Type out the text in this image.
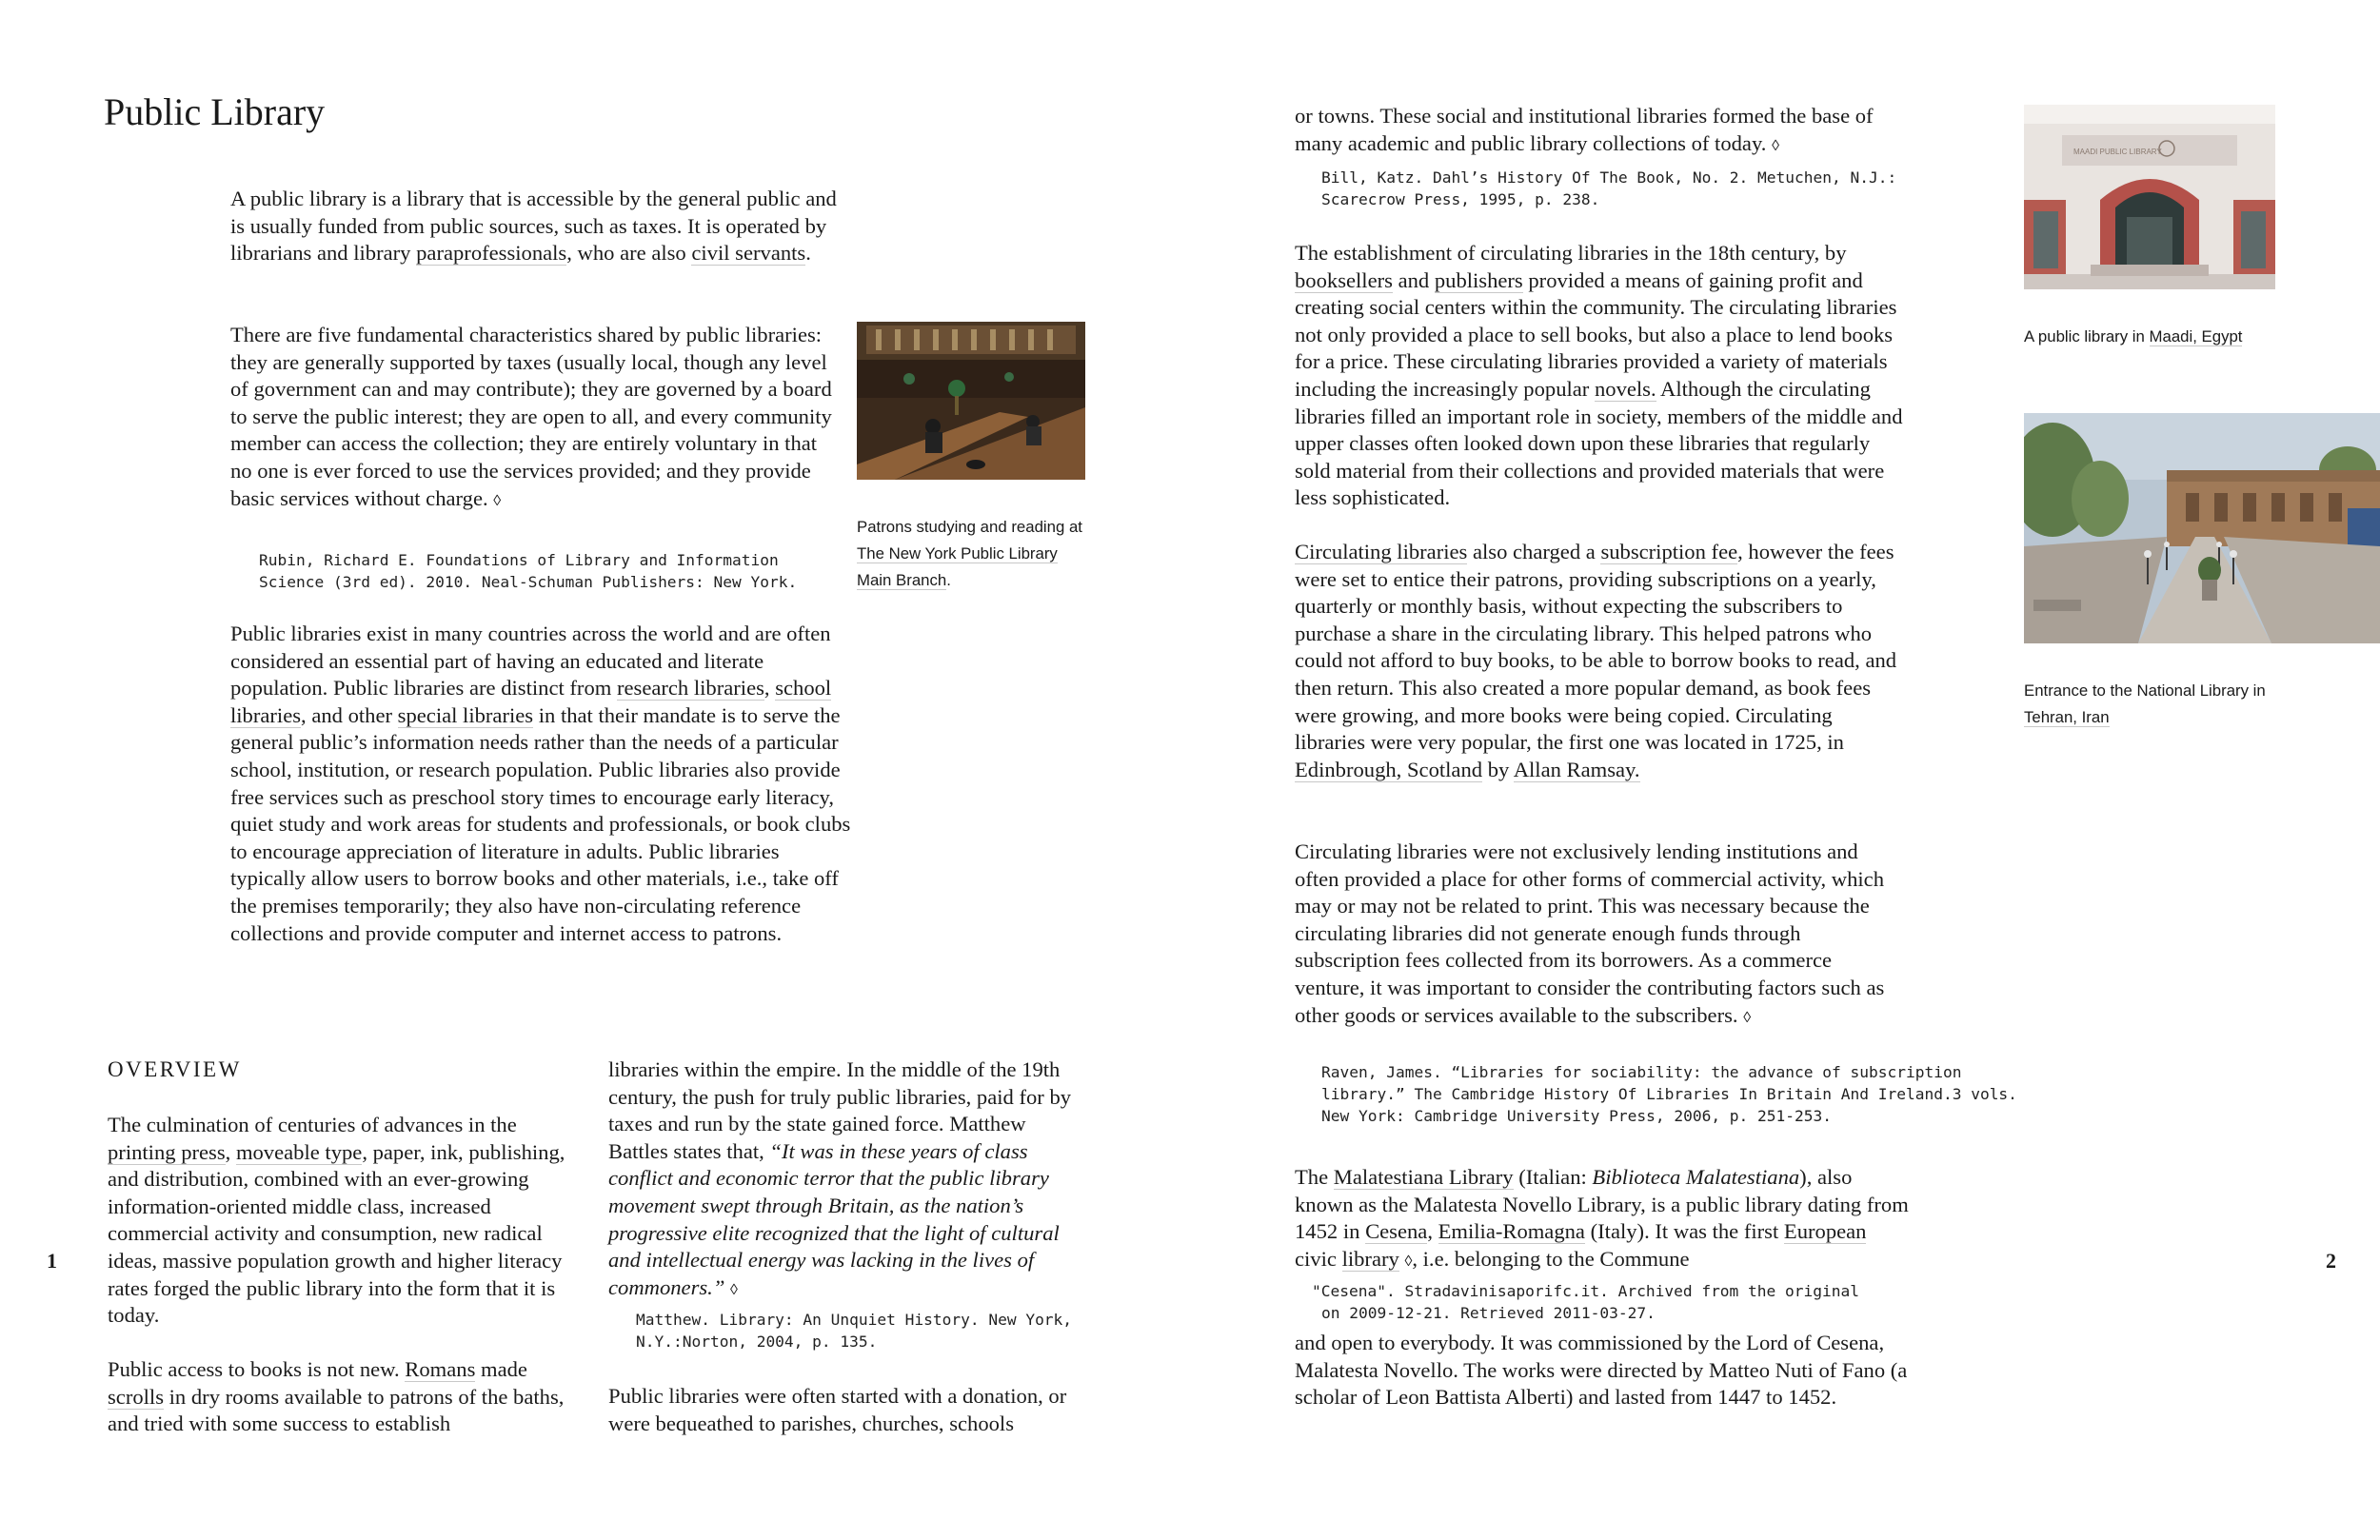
Public Library

A public library is a library that is accessible by the general public and is usually funded from public sources, such as taxes. It is operated by librarians and library paraprofessionals, who are also civil servants.

There are five fundamental characteristics shared by public libraries: they are generally supported by taxes (usually local, though any level of government can and may contribute); they are governed by a board to serve the public interest; they are open to all, and every community member can access the collection; they are entirely voluntary in that no one is ever forced to use the services provided; and they provide basic services without charge. ◊

Rubin, Richard E. Foundations of Library and Information
Science (3rd ed). 2010. Neal-Schuman Publishers: New York.

Public libraries exist in many countries across the world and are often considered an essential part of having an educated and literate population. Public libraries are distinct from research libraries, school libraries, and other special libraries in that their mandate is to serve the general public’s information needs rather than the needs of a particular school, institution, or research population. Public libraries also provide free services such as preschool story times to encourage early literacy, quiet study and work areas for students and professionals, or book clubs to encourage appreciation of literature in adults. Public libraries typically allow users to borrow books and other materials, i.e., take off the premises temporarily; they also have non-circulating reference collections and provide computer and internet access to patrons.

Patrons studying and reading at The New York Public Library Main Branch.
OVERVIEW

The culmination of centuries of advances in the printing press, moveable type, paper, ink, publishing, and distribution, combined with an ever-growing information-oriented middle class, increased commercial activity and consumption, new radical ideas, massive population growth and higher literacy rates forged the public library into the form that it is today.

Public access to books is not new. Romans made scrolls in dry rooms available to patrons of the baths, and tried with some success to establish

libraries within the empire. In the middle of the 19th century, the push for truly public libraries, paid for by taxes and run by the state gained force. Matthew Battles states that, “It was in these years of class conflict and economic terror that the public library movement swept through Britain, as the nation’s progressive elite recognized that the light of cultural and intellectual energy was lacking in the lives of commoners.” ◊

Matthew. Library: An Unquiet History. New York,
N.Y.:Norton, 2004, p. 135.

Public libraries were often started with a donation, or were bequeathed to parishes, churches, schools

1

or towns. These social and institutional libraries formed the base of many academic and public library collections of today. ◊

Bill, Katz. Dahl’s History Of The Book, No. 2. Metuchen, N.J.:
Scarecrow Press, 1995, p. 238.

The establishment of circulating libraries in the 18th century, by booksellers and publishers provided a means of gaining profit and creating social centers within the community. The circulating libraries not only provided a place to sell books, but also a place to lend books for a price. These circulating libraries provided a variety of materials including the increasingly popular novels. Although the circulating libraries filled an important role in society, members of the middle and upper classes often looked down upon these libraries that regularly sold material from their collections and provided materials that were less sophisticated.

Circulating libraries also charged a subscription fee, however the fees were set to entice their patrons, providing subscriptions on a yearly, quarterly or monthly basis, without expecting the subscribers to purchase a share in the circulating library. This helped patrons who could not afford to buy books, to be able to borrow books to read, and then return. This also created a more popular demand, as book fees were growing, and more books were being copied. Circulating libraries were very popular, the first one was located in 1725, in Edinbrough, Scotland by Allan Ramsay.

Circulating libraries were not exclusively lending institutions and often provided a place for other forms of commercial activity, which may or may not be related to print. This was necessary because the circulating libraries did not generate enough funds through subscription fees collected from its borrowers. As a commerce venture, it was important to consider the contributing factors such as other goods or services available to the subscribers. ◊

Raven, James. “Libraries for sociability: the advance of subscription
library.” The Cambridge History Of Libraries In Britain And Ireland.3 vols.
New York: Cambridge University Press, 2006, p. 251-253.

The Malatestiana Library (Italian: Biblioteca Malatestiana), also known as the Malatesta Novello Library, is a public library dating from 1452 in Cesena, Emilia-Romagna (Italy). It was the first European civic library ◊, i.e. belonging to the Commune

"Cesena". Stradavinisaporifc.it. Archived from the original
on 2009-12-21. Retrieved 2011-03-27.

and open to everybody. It was commissioned by the Lord of Cesena, Malatesta Novello. The works were directed by Matteo Nuti of Fano (a scholar of Leon Battista Alberti) and lasted from 1447 to 1452.

MAADI PUBLIC LIBRARY
A public library in Maadi, Egypt
Entrance to the National Library in Tehran, Iran
2
